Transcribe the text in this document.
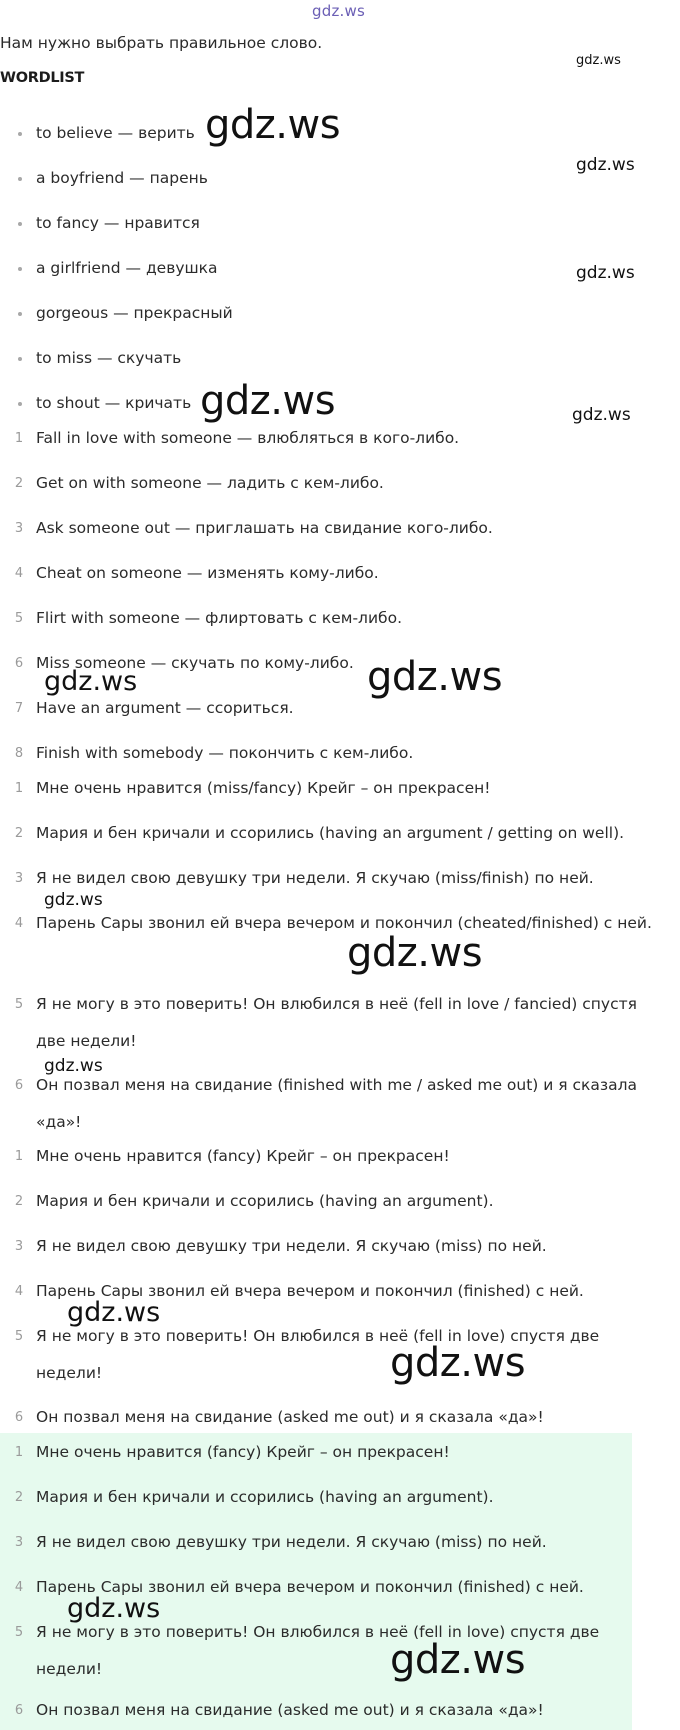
gdz.ws
Нам нужно выбрать правильное слово.
WORDLIST
to believe — верить
a boyfriend — парень
to fancy — нравится
a girlfriend — девушка
gorgeous — прекрасный
to miss — скучать
to shout — кричать
1 Fall in love with someone — влюбляться в кого-либо.
2 Get on with someone — ладить с кем-либо.
3 Ask someone out — приглашать на свидание кого-либо.
4 Cheat on someone — изменять кому-либо.
5 Flirt with someone — флиртовать с кем-либо.
6 Miss someone — скучать по кому-либо.
7 Have an argument — ссориться.
8 Finish with somebody — покончить с кем-либо.
1 Мне очень нравится (miss/fancy) Крейг – он прекрасен!
2 Мария и бен кричали и ссорились (having an argument / getting on well).
3 Я не видел свою девушку три недели. Я скучаю (miss/finish) по ней.
4 Парень Сары звонил ей вчера вечером и покончил (cheated/finished) с ней.
5 Я не могу в это поверить! Он влюбился в неё (fell in love / fancied) спустя две недели!
6 Он позвал меня на свидание (finished with me / asked me out) и я сказала «да»!
1 Мне очень нравится (fancy) Крейг – он прекрасен!
2 Мария и бен кричали и ссорились (having an argument).
3 Я не видел свою девушку три недели. Я скучаю (miss) по ней.
4 Парень Сары звонил ей вчера вечером и покончил (finished) с ней.
5 Я не могу в это поверить! Он влюбился в неё (fell in love) спустя две недели!
6 Он позвал меня на свидание (asked me out) и я сказала «да»!
1 Мне очень нравится (fancy) Крейг – он прекрасен!
2 Мария и бен кричали и ссорились (having an argument).
3 Я не видел свою девушку три недели. Я скучаю (miss) по ней.
4 Парень Сары звонил ей вчера вечером и покончил (finished) с ней.
5 Я не могу в это поверить! Он влюбился в неё (fell in love) спустя две недели!
6 Он позвал меня на свидание (asked me out) и я сказала «да»!
gdz.ws
gdz.ws
gdz.ws
gdz.ws
gdz.ws	gdz.ws
gdz.ws	gdz.ws
gdz.ws
gdz.ws
gdz.ws
gdz.ws
gdz.ws
gdz.ws
gdz.ws
